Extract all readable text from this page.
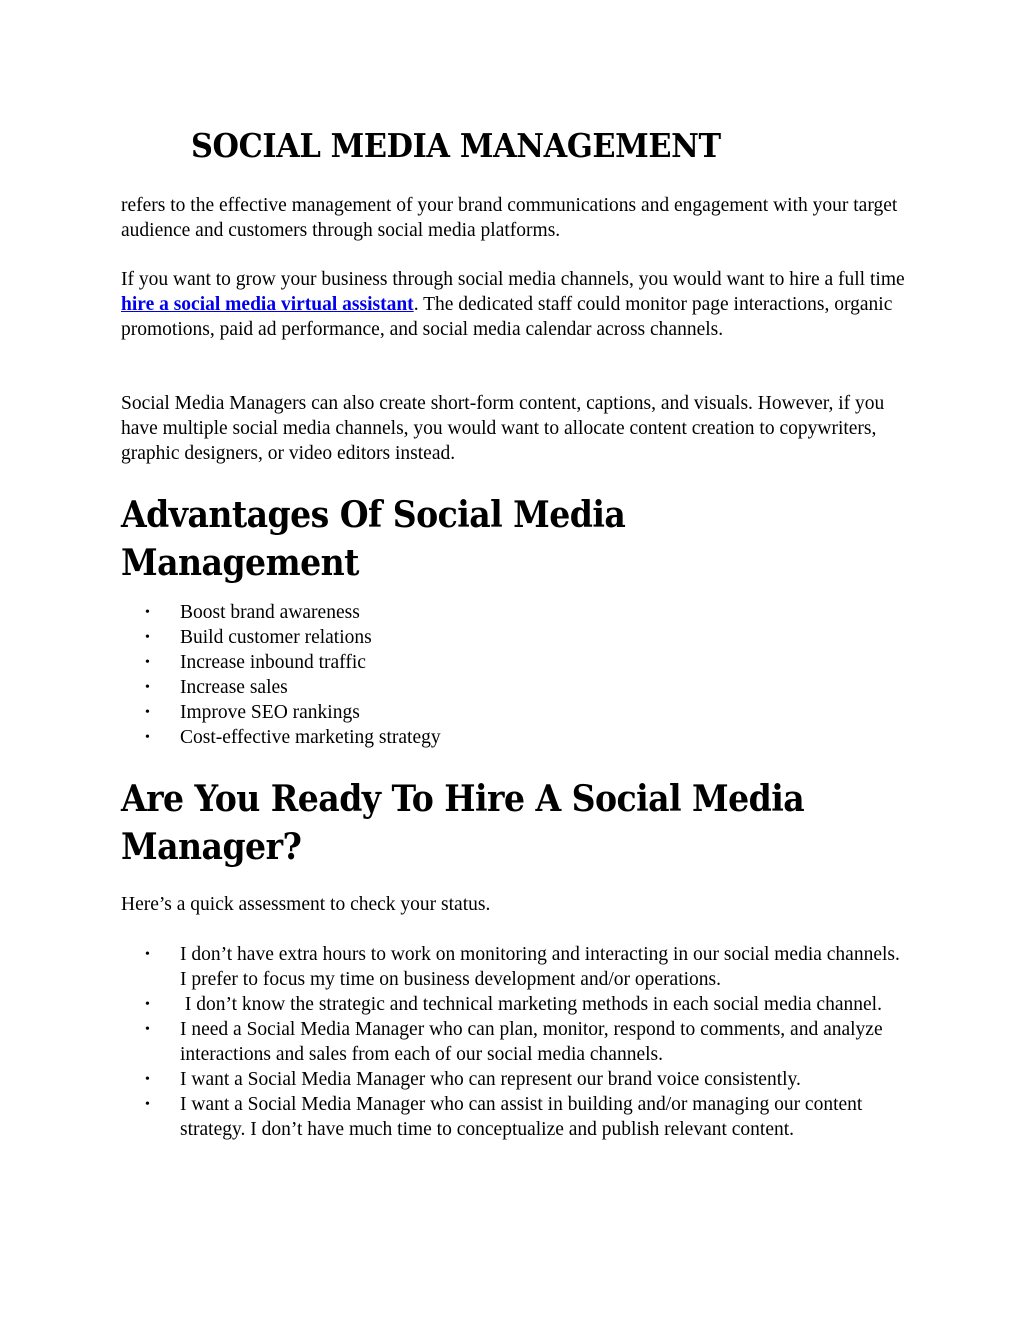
SOCIAL MEDIA MANAGEMENT

refers to the effective management of your brand communications and engagement with your target audience and customers through social media platforms.

If you want to grow your business through social media channels, you would want to hire a full time hire a social media virtual assistant. The dedicated staff could monitor page interactions, organic promotions, paid ad performance, and social media calendar across channels.

Social Media Managers can also create short-form content, captions, and visuals. However, if you have multiple social media channels, you would want to allocate content creation to copywriters, graphic designers, or video editors instead.

Advantages Of Social Media Management
• Boost brand awareness
• Build customer relations
• Increase inbound traffic
• Increase sales
• Improve SEO rankings
• Cost-effective marketing strategy
Are You Ready To Hire A Social Media Manager?

Here’s a quick assessment to check your status.

• I don’t have extra hours to work on monitoring and interacting in our social media channels. I prefer to focus my time on business development and/or operations.
• I don’t know the strategic and technical marketing methods in each social media channel.
• I need a Social Media Manager who can plan, monitor, respond to comments, and analyze interactions and sales from each of our social media channels.
• I want a Social Media Manager who can represent our brand voice consistently.
• I want a Social Media Manager who can assist in building and/or managing our content strategy. I don’t have much time to conceptualize and publish relevant content.
